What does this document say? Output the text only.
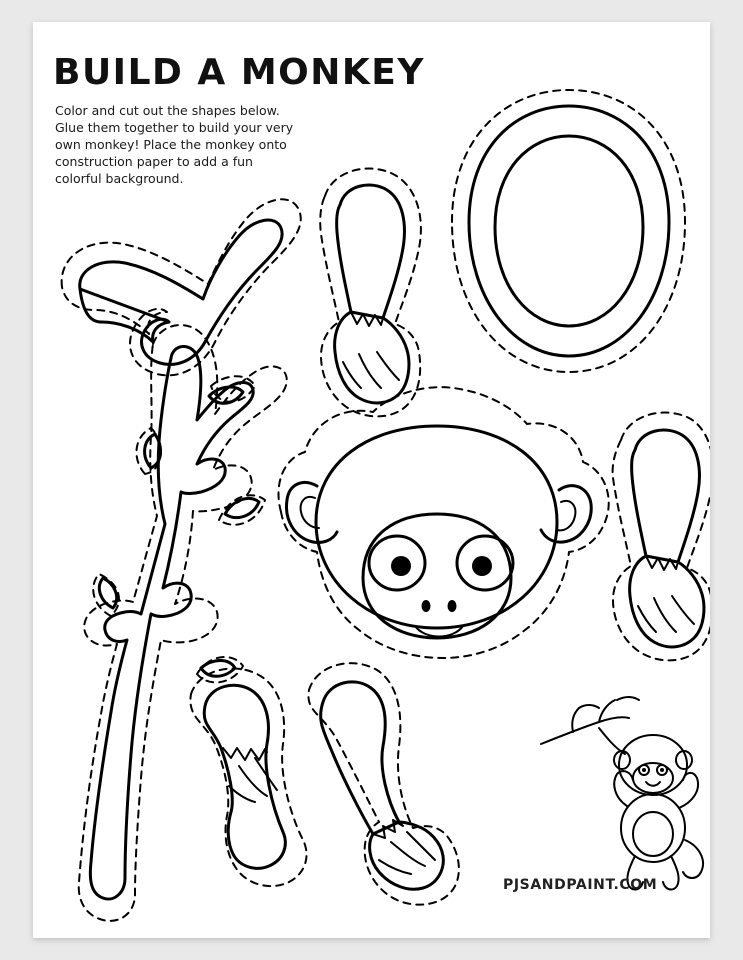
BUILD A MONKEY
Color and cut out the shapes below.
Glue them together to build your very
own monkey! Place the monkey onto
construction paper to add a fun
colorful background.
PJSANDPAINT.COM
